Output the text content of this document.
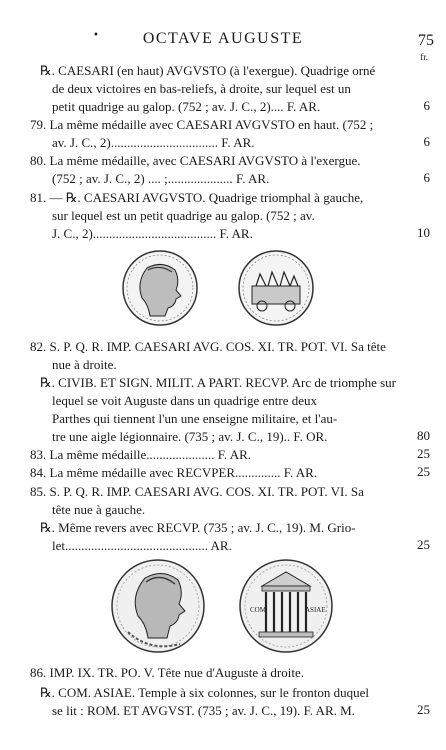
•	OCTAVE AUGUSTE	75
fr.
℞. CAESARI (en haut) AVGVSTO (à l'exergue). Quadrige orné
de deux victoires en bas-reliefs, à droite, sur lequel est un
petit quadrige au galop. (752 ; av. J. C., 2).... F. AR.	6
79. La même médaille avec CAESARI AVGVSTO en haut. (752 ;
av. J. C., 2)................................. F. AR.	6
80. La même médaille, avec CAESARI AVGVSTO à l'exergue.
(752 ; av. J. C., 2) .... ;.................... F. AR.	6
81. — ℞. CAESARI AVGVSTO. Quadrige triomphal à gauche,
sur lequel est un petit quadrige au galop. (752 ; av.
J. C., 2)...................................... F. AR.	10
82. S. P. Q. R. IMP. CAESARI AVG. COS. XI. TR. POT. VI. Sa tête
nue à droite.
℞. CIVIB. ET SIGN. MILIT. A PART. RECVP. Arc de triomphe sur
lequel se voit Auguste dans un quadrige entre deux
Parthes qui tiennent l'un une enseigne militaire, et l'au-
tre une aigle légionnaire. (735 ; av. J. C., 19).. F. OR.	80
83. La même médaille..................... F. AR.	25
84. La même médaille avec RECVPER.............. F. AR.	25
85. S. P. Q. R. IMP. CAESARI AVG. COS. XI. TR. POT. VI. Sa
tête nue à gauche.
℞. Même revers avec RECVP. (735 ; av. J. C., 19). M. Grio-
let............................................ AR.	25
COM	ASIAE
86. IMP. IX. TR. PO. V. Tête nue d'Auguste à droite.
℞. COM. ASIAE. Temple à six colonnes, sur le fronton duquel
se lit : ROM. ET AVGVST. (735 ; av. J. C., 19). F. AR. M.	25
